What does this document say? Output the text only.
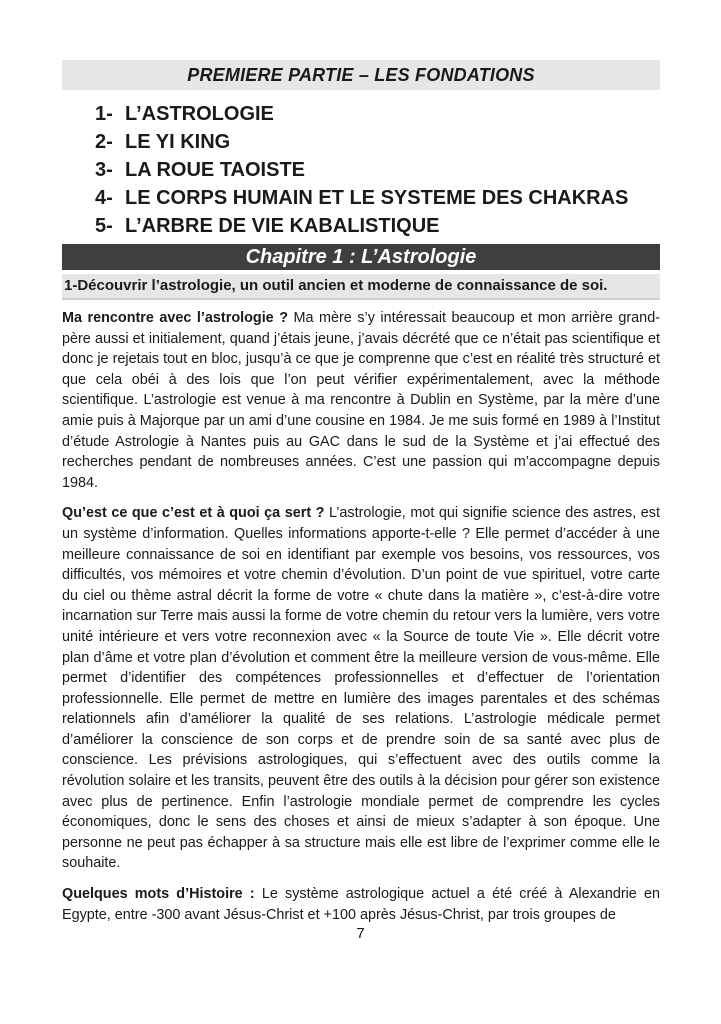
PREMIERE PARTIE – LES FONDATIONS
1- L’ASTROLOGIE
2- LE YI KING
3- LA ROUE TAOISTE
4- LE CORPS HUMAIN ET LE SYSTEME DES CHAKRAS
5- L’ARBRE DE VIE KABALISTIQUE
Chapitre 1 : L’Astrologie
1-Découvrir l’astrologie, un outil ancien et moderne de connaissance de soi.

Ma rencontre avec l’astrologie ? Ma mère s’y intéressait beaucoup et mon arrière grand-père aussi et initialement, quand j’étais jeune, j’avais décrété que ce n’était pas scientifique et donc je rejetais tout en bloc, jusqu’à ce que je comprenne que c’est en réalité très structuré et que cela obéi à des lois que l’on peut vérifier expérimentalement, avec la méthode scientifique. L’astrologie est venue à ma rencontre à Dublin en Système, par la mère d’une amie puis à Majorque par un ami d’une cousine en 1984. Je me suis formé en 1989 à l’Institut d’étude Astrologie à Nantes puis au GAC dans le sud de la Système et j’ai effectué des recherches pendant de nombreuses années. C’est une passion qui m’accompagne depuis 1984.

Qu’est ce que c’est et à quoi ça sert ? L’astrologie, mot qui signifie science des astres, est un système d’information. Quelles informations apporte-t-elle ? Elle permet d’accéder à une meilleure connaissance de soi en identifiant par exemple vos besoins, vos ressources, vos difficultés, vos mémoires et votre chemin d’évolution. D’un point de vue spirituel, votre carte du ciel ou thème astral décrit la forme de votre « chute dans la matière », c’est-à-dire votre incarnation sur Terre mais aussi la forme de votre chemin du retour vers la lumière, vers votre unité intérieure et vers votre reconnexion avec « la Source de toute Vie ». Elle décrit votre plan d’âme et votre plan d’évolution et comment être la meilleure version de vous-même. Elle permet d’identifier des compétences professionnelles et d’effectuer de l’orientation professionnelle. Elle permet de mettre en lumière des images parentales et des schémas relationnels afin d’améliorer la qualité de ses relations. L’astrologie médicale permet d’améliorer la conscience de son corps et de prendre soin de sa santé avec plus de conscience. Les prévisions astrologiques, qui s’effectuent avec des outils comme la révolution solaire et les transits, peuvent être des outils à la décision pour gérer son existence avec plus de pertinence. Enfin l’astrologie mondiale permet de comprendre les cycles économiques, donc le sens des choses et ainsi de mieux s’adapter à son époque. Une personne ne peut pas échapper à sa structure mais elle est libre de l’exprimer comme elle le souhaite.

Quelques mots d’Histoire : Le système astrologique actuel a été créé à Alexandrie en Egypte, entre -300 avant Jésus-Christ et +100 après Jésus-Christ, par trois groupes de

7
